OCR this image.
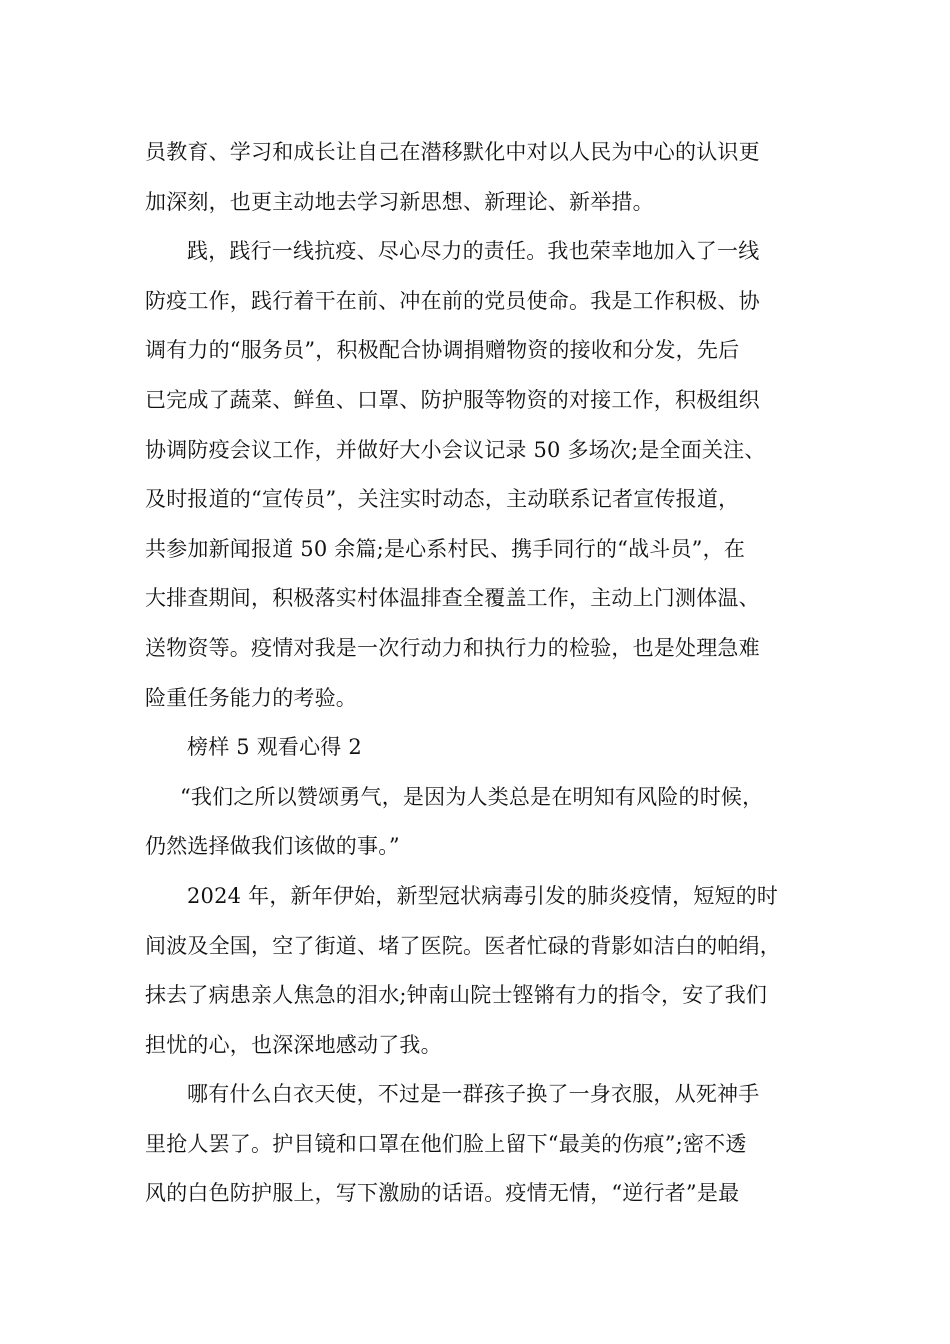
员教育、学习和成长让自己在潜移默化中对以人民为中心的认识更
加深刻，也更主动地去学习新思想、新理论、新举措。
践，践行一线抗疫、尽心尽力的责任。我也荣幸地加入了一线
防疫工作，践行着干在前、冲在前的党员使命。我是工作积极、协
调有力的“服务员”，积极配合协调捐赠物资的接收和分发，先后
已完成了蔬菜、鲜鱼、口罩、防护服等物资的对接工作，积极组织
协调防疫会议工作，并做好大小会议记录 50 多场次;是全面关注、
及时报道的“宣传员”，关注实时动态，主动联系记者宣传报道，
共参加新闻报道 50 余篇;是心系村民、携手同行的“战斗员”，在
大排查期间，积极落实村体温排查全覆盖工作，主动上门测体温、
送物资等。疫情对我是一次行动力和执行力的检验，也是处理急难
险重任务能力的考验。
榜样 5 观看心得 2
“我们之所以赞颂勇气，是因为人类总是在明知有风险的时候，
仍然选择做我们该做的事。”
2024 年，新年伊始，新型冠状病毒引发的肺炎疫情，短短的时
间波及全国，空了街道、堵了医院。医者忙碌的背影如洁白的帕绢，
抹去了病患亲人焦急的泪水;钟南山院士铿锵有力的指令，安了我们
担忧的心，也深深地感动了我。
哪有什么白衣天使，不过是一群孩子换了一身衣服，从死神手
里抢人罢了。护目镜和口罩在他们脸上留下“最美的伤痕”;密不透
风的白色防护服上，写下激励的话语。疫情无情，“逆行者”是最
